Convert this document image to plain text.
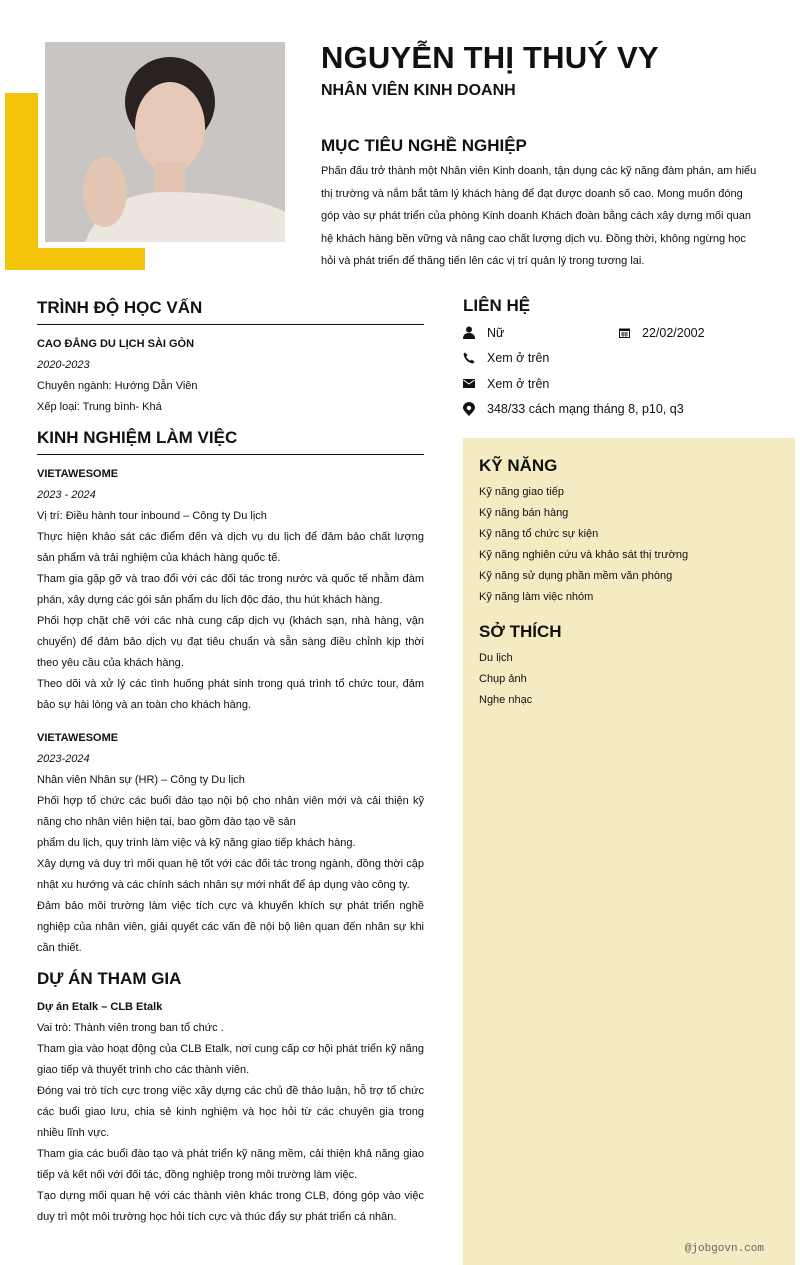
NGUYỄN THỊ THUÝ VY
NHÂN VIÊN KINH DOANH
MỤC TIÊU NGHỀ NGHIỆP

Phấn đấu trở thành một Nhân viên Kinh doanh, tận dụng các kỹ năng đàm phán, am hiểu thị trường và nắm bắt tâm lý khách hàng để đạt được doanh số cao. Mong muốn đóng góp vào sự phát triển của phòng Kinh doanh Khách đoàn bằng cách xây dựng mối quan hệ khách hàng bền vững và nâng cao chất lượng dịch vụ. Đồng thời, không ngừng học hỏi và phát triển để thăng tiến lên các vị trí quản lý trong tương lai.

TRÌNH ĐỘ HỌC VẤN
CAO ĐẲNG DU LỊCH SÀI GÒN
2020-2023
Chuyên ngành: Hướng Dẫn Viên
Xếp loại: Trung bình- Khá
KINH NGHIỆM LÀM VIỆC
VIETAWESOME
2023 - 2024

Vị trí: Điều hành tour inbound – Công ty Du lịch

Thực hiện khảo sát các điểm đến và dịch vụ du lịch để đảm bảo chất lượng sản phẩm và trải nghiệm của khách hàng quốc tế.

Tham gia gặp gỡ và trao đổi với các đối tác trong nước và quốc tế nhằm đàm phán, xây dựng các gói sản phẩm du lịch độc đáo, thu hút khách hàng.

Phối hợp chặt chẽ với các nhà cung cấp dịch vụ (khách sạn, nhà hàng, vận chuyển) để đảm bảo dịch vụ đạt tiêu chuẩn và sẵn sàng điều chỉnh kịp thời theo yêu cầu của khách hàng.

Theo dõi và xử lý các tình huống phát sinh trong quá trình tổ chức tour, đảm bảo sự hài lòng và an toàn cho khách hàng.

VIETAWESOME
2023-2024

Nhân viên Nhân sự (HR) – Công ty Du lịch

Phối hợp tổ chức các buổi đào tạo nội bộ cho nhân viên mới và cải thiện kỹ năng cho nhân viên hiện tại, bao gồm đào tạo về sản

phẩm du lịch, quy trình làm việc và kỹ năng giao tiếp khách hàng.

Xây dựng và duy trì mối quan hệ tốt với các đối tác trong ngành, đồng thời cập nhật xu hướng và các chính sách nhân sự mới nhất để áp dụng vào công ty.

Đảm bảo môi trường làm việc tích cực và khuyến khích sự phát triển nghề nghiệp của nhân viên, giải quyết các vấn đề nội bộ liên quan đến nhân sự khi cần thiết.

DỰ ÁN THAM GIA
Dự án Etalk – CLB Etalk

Vai trò: Thành viên trong ban tổ chức .

Tham gia vào hoạt động của CLB Etalk, nơi cung cấp cơ hội phát triển kỹ năng giao tiếp và thuyết trình cho các thành viên.

Đóng vai trò tích cực trong việc xây dựng các chủ đề thảo luận, hỗ trợ tổ chức các buổi giao lưu, chia sẻ kinh nghiệm và học hỏi từ các chuyên gia trong nhiều lĩnh vực.

Tham gia các buổi đào tạo và phát triển kỹ năng mềm, cải thiện khả năng giao tiếp và kết nối với đối tác, đồng nghiệp trong môi trường làm việc.

Tạo dựng mối quan hệ với các thành viên khác trong CLB, đóng góp vào việc duy trì một môi trường học hỏi tích cực và thúc đẩy sự phát triển cá nhân.

LIÊN HỆ
Nữ	22/02/2002
Xem ở trên
Xem ở trên
348/33 cách mạng tháng 8, p10, q3
KỸ NĂNG
Kỹ năng giao tiếp
Kỹ năng bán hàng
Kỹ năng tổ chức sự kiện
Kỹ năng nghiên cứu và khảo sát thị trường
Kỹ năng sử dụng phần mềm văn phòng
Kỹ năng làm việc nhóm
SỞ THÍCH
Du lịch
Chụp ảnh
Nghe nhạc
@jobgovn.com
